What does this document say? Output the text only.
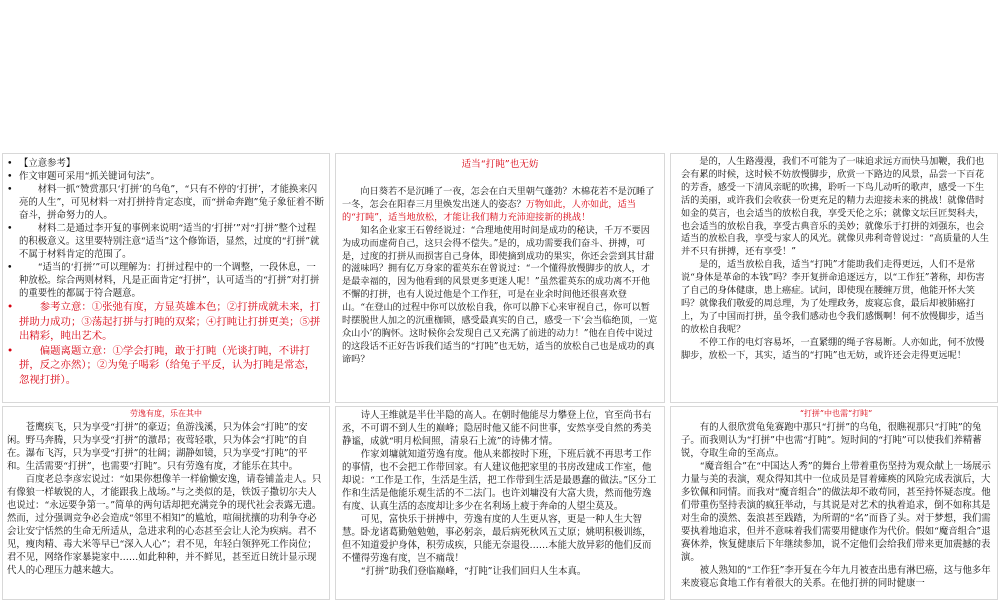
• 【立意参考】
• 作文审题可采用“抓关键词句法”。
• 　　材料一抓“赞赏那只‘打拼’的乌龟”，“只有不停的‘打拼’，才能换来闪亮的人生”，可见材料一对打拼持肯定态度，而“拼命奔跑”兔子象征着不断奋斗，拼命努力的人。
• 　　材料二是通过李开复的事例来说明“适当的‘打拼’”对“打拼”整个过程的积极意义。这里要特别注意“适当”这个修饰语，显然，过度的“打拼”就不属于材料肯定的范围了。
• 　　“适当的‘打拼’”可以理解为：打拼过程中的一个调整，一段休息，一种放松。综合两则材料，凡是正面肯定“打拼”，认可适当的“打拼”对打拼的重要性的都属于符合题意。
• 　　参考立意：①张弛有度，方显英雄本色；②打拼成就未来，打拼助力成功；③荡起打拼与打盹的双桨；④打盹让打拼更美；⑤拼出精彩，盹出艺术。
• 　　偏题离题立意：①学会打盹，敢于打盹（光谈打盹，不讲打拼，反之亦然）；②为兔子喝彩（给兔子平反，认为打盹是常态，忽视打拼）。
适当“打盹”也无妨

向日葵若不是沉睡了一夜，怎会在白天里朝气蓬勃？木棉花若不是沉睡了一冬，怎会在阳春三月里焕发出迷人的姿态？万物如此，人亦如此，适当的“打盹”，适当地放松，才能让我们精力充沛迎接新的挑战！

知名企业家王石曾经说过：“合理地使用时间是成功的秘诀，千万不要因为成功而虚荷自己，这只会得不偿失。”是的，成功需要我们奋斗、拼搏，可是，过度的打拼从而损害自己身体，即使摘到成功的果实，你还会尝到其甘甜的滋味吗？拥有亿万身家的霍英东在曾说过：“一个懂得放慢脚步的放人，才是最幸福的，因为他看到的风景更多更迷人呢！”虽然霍英东的成功离不开他不懈的打拼，也有人说过他是个工作狂，可是在业余时间他还很喜欢登山。“在登山的过程中你可以放松自我，你可以静下心来审视自己，你可以暂时摆脱世人加之的沉重枷锁，感受最真实的自己，感受一下‘会当临绝顶，一览众山小’的胸怀。这时候你会发现自己又充满了前进的动力！”他在自传中说过的这段话不正好告诉我们适当的“打盹”也无妨，适当的放松自己也是成功的真谛吗？

是的，人生路漫漫，我们不可能为了一味追求远方而快马加鞭，我们也会有累的时候，这时候不妨放慢脚步，欣赏一下路边的风景，品尝一下百花的芳香，感受一下清风亲昵的吹拂，聆听一下鸟儿动听的歌声，感受一下生活的美丽，或许我们会收获一份更充足的精力去迎接未来的挑战！就像借时如金的莫言，也会适当的放松自我，享受天伦之乐；就像文坛巨匠契科夫，也会适当的放松自我，享受古典音乐的美妙；就像乐于打拼的刘强东，也会适当的放松自我，享受与家人的风光。就像贝弗利奇曾说过：“高质量的人生并不只有拼搏，还有享受！”

是的，适当放松自我，适当“打盹”才能助我们走得更远，人们不是常说“身体是革命的本钱”吗？李开复拼命追逐远方，以“工作狂”著称，却伤害了自己的身体健康，患上癌症。试问，即使现在腰缠万贯，他能开怀大笑吗？就像我们敬爱的周总理，为了处理政务，废寝忘食，最后却被肺癌打上，为了中国而打拼，虽令我们感动也令我们感慨啊！何不放慢脚步，适当的放松自我呢？

不停工作的电灯容易坏，一直紧绷的绳子容易断。人亦如此，何不放慢脚步，放松一下，其实，适当的“打盹”也无妨，或许还会走得更远呢！

劳逸有度，乐在其中

苍鹰疾飞，只为享受“打拼”的豪迈；鱼游浅溪，只为体会“打盹”的安闲。野马奔腾，只为享受“打拼”的激昂；夜莺轻歌，只为体会“打盹”的自在。瀑布飞泻，只为享受“打拼”的壮阔；湖静如镜，只为享受“打盹”的平和。生活需要“打拼”，也需要“打盹”。只有劳逸有度，才能乐在其中。

百度老总李彦宏说过：“如果你想像羊一样偷懒安逸，请卷铺盖走人。只有像狼一样敏锐的人，才能跟我上战场。”与之类似的是，铁饭子撒切尔夫人也说过：“永远要争第一。”简单的两句话却把充满竞争的现代社会表露无遗。然而，过分强调竞争必会造成“邻里不相知”的尴尬，喧闹扰攘的功利争夺必会让安宁恬然的生命无所适从，急进求利的心态甚至会让人沦为疾病。君不见，瘦肉精、毒大米等早已“深入人心”；君不见，年轻白领猝死工作岗位；君不见，网络作家暴毙家中……如此种种，并不鲜见，甚至近日统计显示现代人的心理压力越来越大。

诗人王维就是半仕半隐的高人。在朝时他能尽力攀登上位，官至尚书右丞，不可谓不到人生的巅峰；隐居时他又能不问世事，安然享受自然的秀美静谧，成就“明月松间照，清泉石上流”的诗佛才情。

作家刘墉就知道劳逸有度。他从来都按时下班，下班后就不再思考工作的事情，也不会把工作带回家。有人建议他把家里的书房改建成工作室，他却说：“工作是工作，生活是生活，把工作带到生活是最愚蠢的做法。”区分工作和生活是他能乐观生活的不二法门。也许刘墉没有大富大贵，然而他劳逸有度、认真生活的态度却让多少在名利场上疲于奔命的人望尘莫及。

可见，富快乐于拼搏中，劳逸有度的人生更从容，更是一种人生大智慧。卧龙诸葛勤勉勉勉，事必躬亲，最后病死秋风五丈原；姚明积极训练，但不知道爱护身体，积劳成疾，只能无奈退役……本能大放异彩的他们反而不懂得劳逸有度，岂不痛哉！

“打拼”助我们登临巅峰，“打盹”让我们回归人生本真。

“打拼”中也需“打盹”

有的人很欣赏龟兔赛跑中那只“打拼”的乌龟，很瞧视那只“打盹”的兔子。而我则认为“打拼”中也需“打盹”。短时间的“打盹”可以使我们养精蓄锐，夺取生命的至高点。

“魔音组合”在“中国达人秀”的舞台上带着重伤坚持为观众献上一场展示力量与美的表演，观众得知其中一位成员是冒着瘫痪的风险完成表演后，大多钦佩和同情。而我对“魔音组合”的做法却不敢苟同，甚至持怀疑态度。他们带重伤坚持表演的疯狂举动，与其说是对艺术的执着追求，倒不如称其是对生命的漠然、轰浪甚至践踏，为所谓的“名”而昏了头。对于梦想，我们需要执着地追求，但并不意味着我们需要用健康作为代价。假如“魔音组合”退赛休养，恢复健康后下年继续参加，说不定他们会给我们带来更加震撼的表演。

被人熟知的“工作狂”李开复在今年九月被查出患有淋巴癌，这与他多年来废寝忘食地工作有着很大的关系。在他打拼的同时健康一
